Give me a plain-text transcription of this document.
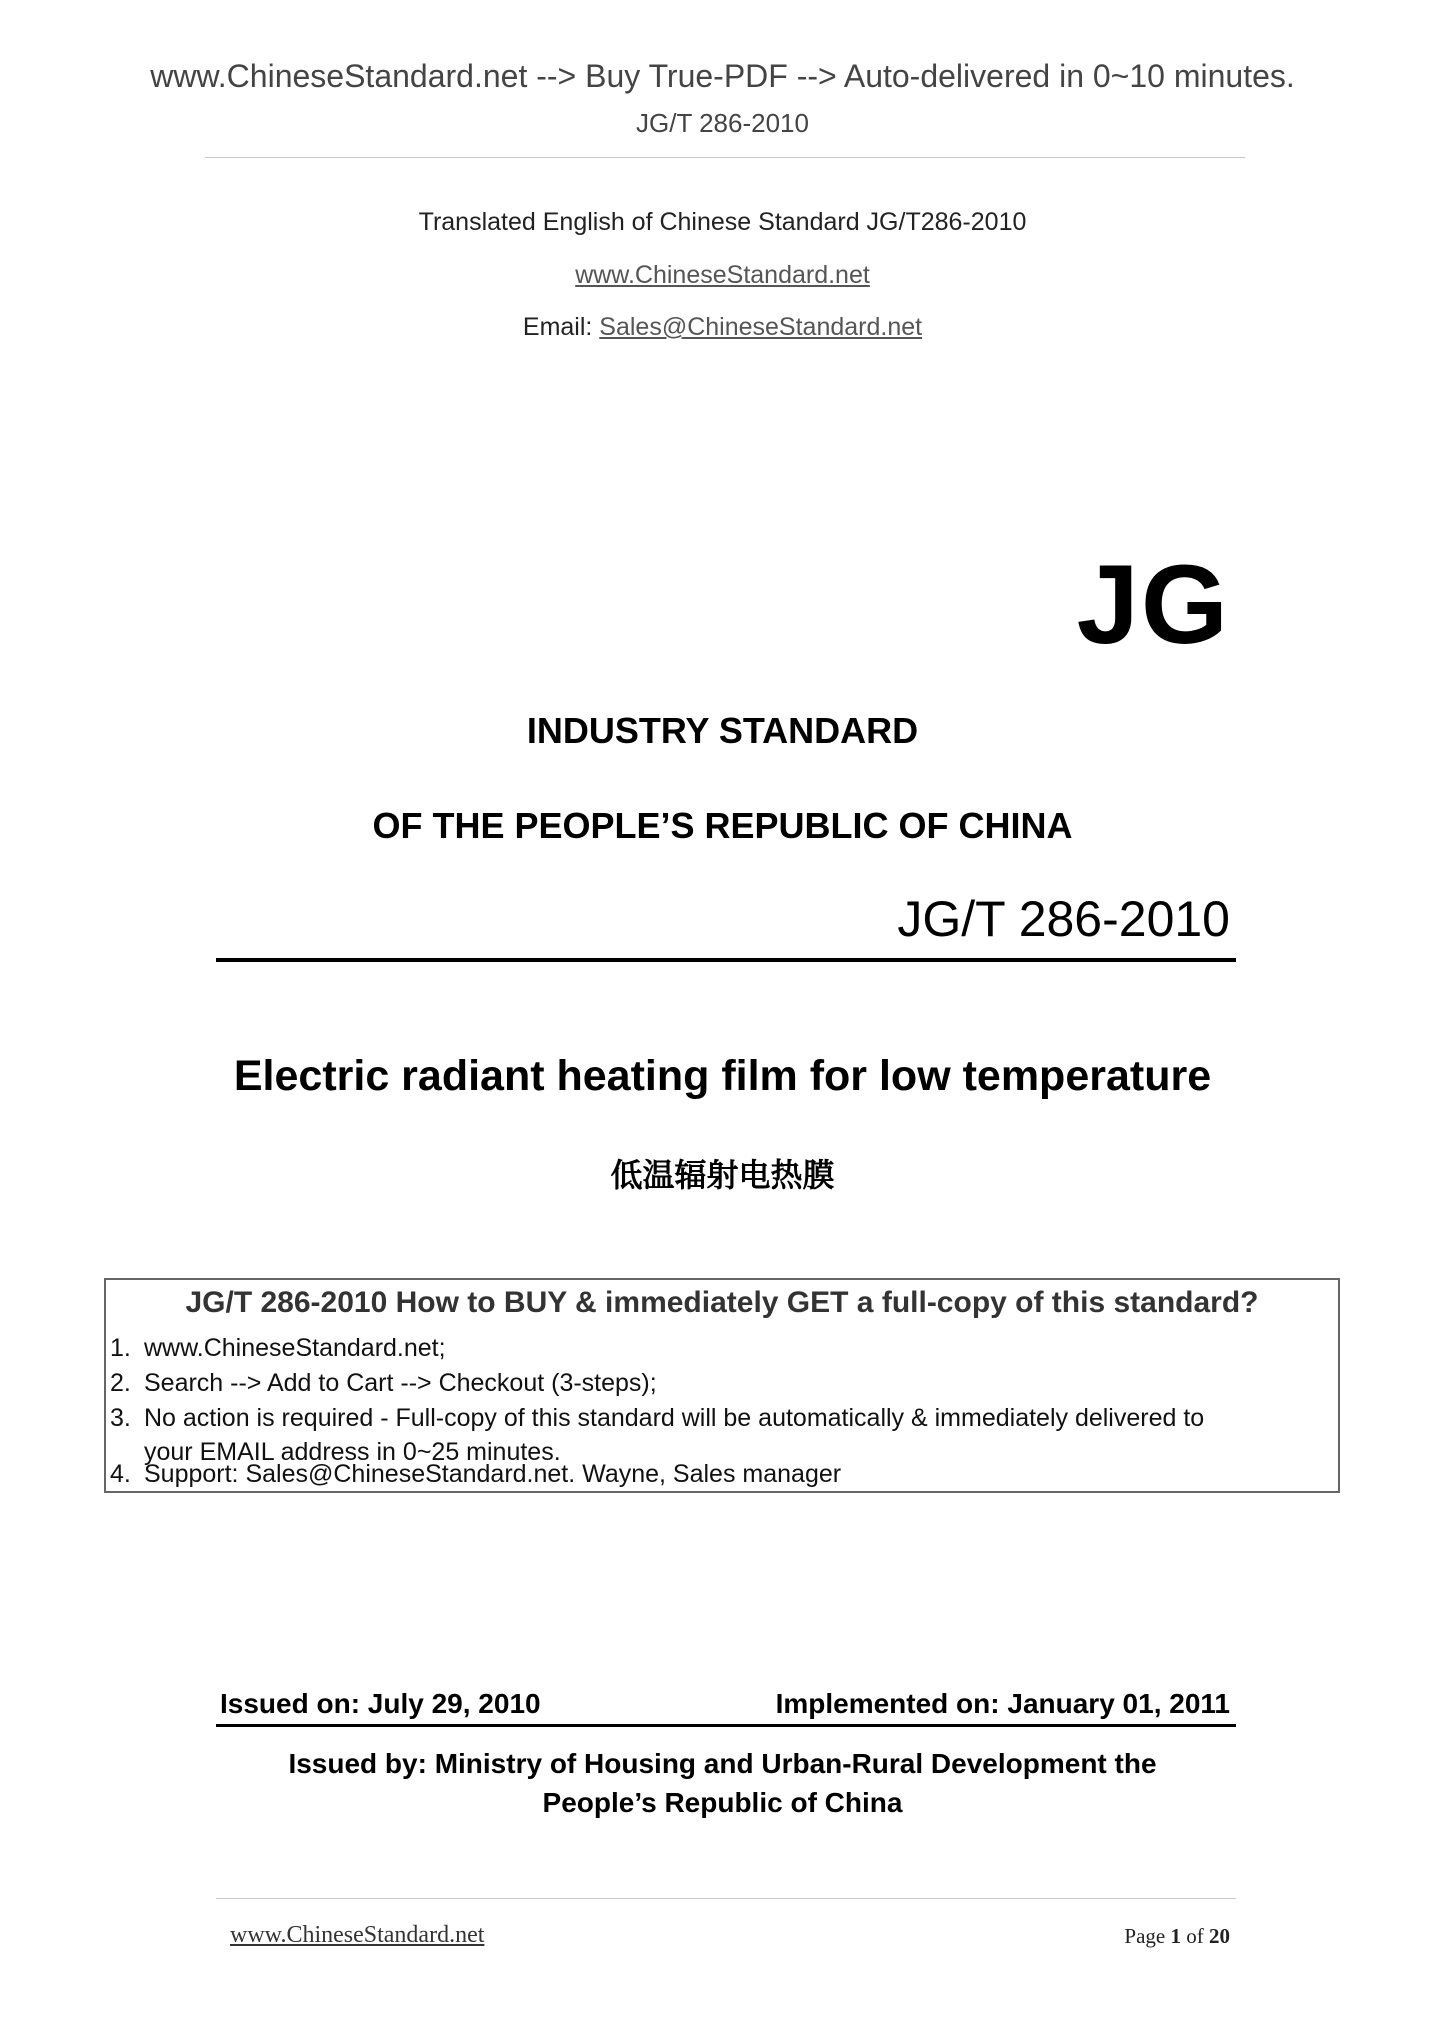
www.ChineseStandard.net --> Buy True-PDF --> Auto-delivered in 0~10 minutes.
JG/T 286-2010
Translated English of Chinese Standard JG/T286-2010
www.ChineseStandard.net
Email: Sales@ChineseStandard.net
JG
INDUSTRY STANDARD
OF THE PEOPLE’S REPUBLIC OF CHINA
JG/T 286-2010
Electric radiant heating film for low temperature
低温辐射电热膜
JG/T 286-2010 How to BUY & immediately GET a full-copy of this standard?
1. www.ChineseStandard.net;
2. Search --> Add to Cart --> Checkout (3-steps);
3. No action is required - Full-copy of this standard will be automatically & immediately delivered to
your EMAIL address in 0~25 minutes.
4. Support: Sales@ChineseStandard.net. Wayne, Sales manager
Issued on: July 29, 2010	Implemented on: January 01, 2011
Issued by: Ministry of Housing and Urban-Rural Development the
People’s Republic of China
www.ChineseStandard.net	Page 1 of 20
